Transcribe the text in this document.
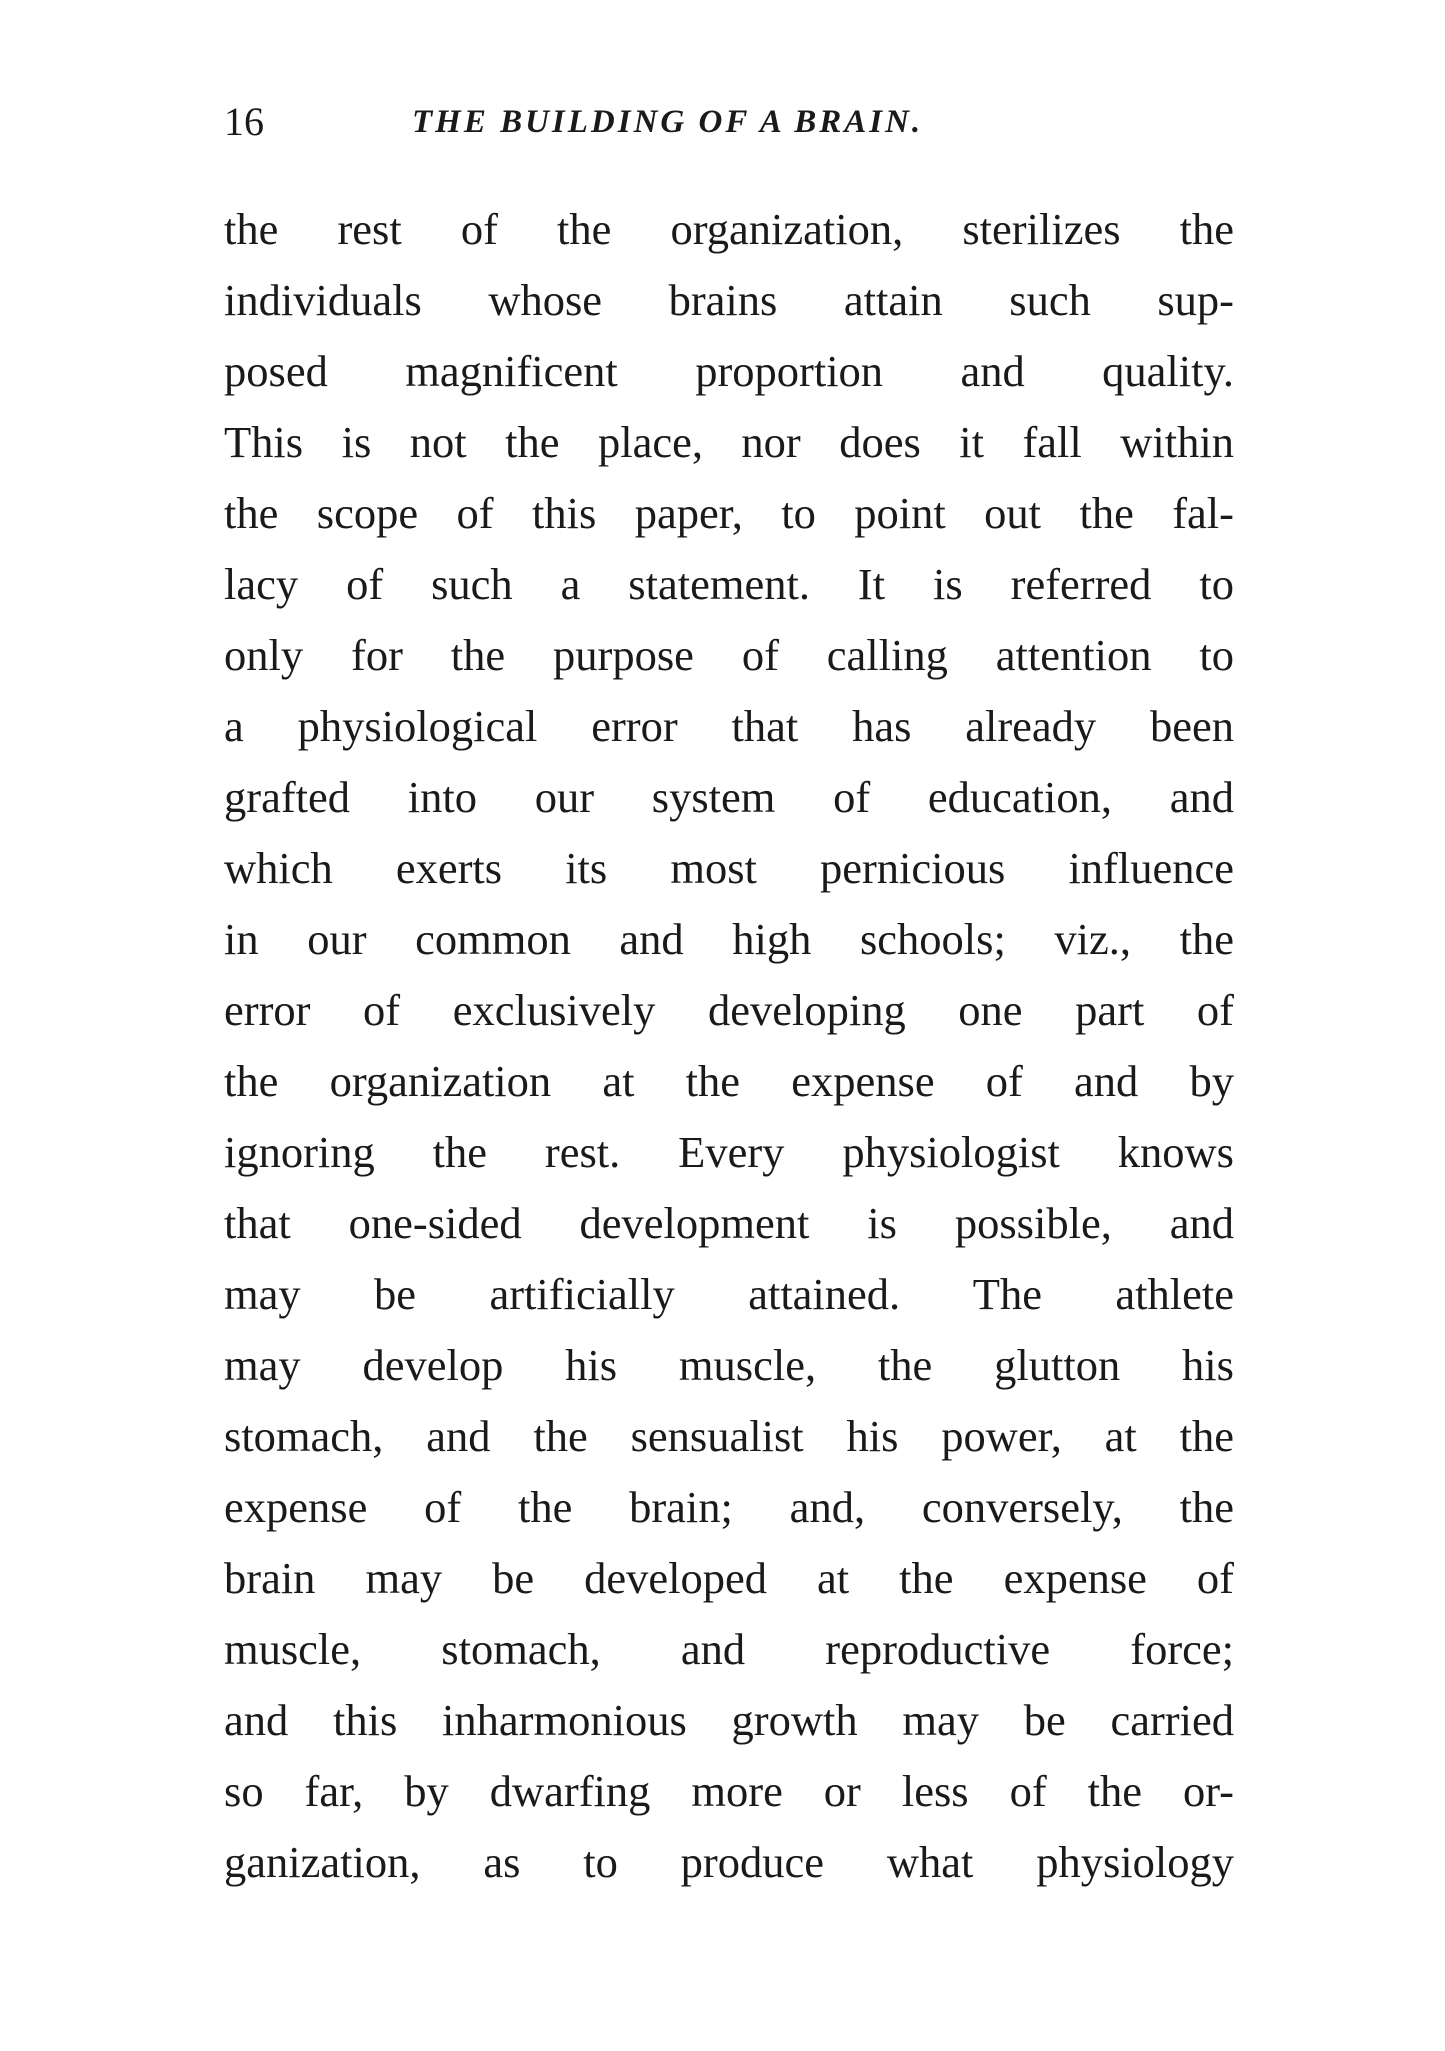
16	THE BUILDING OF A BRAIN.
the rest of the organization, sterilizes the
individuals whose brains attain such sup-
posed magnificent proportion and quality.
This is not the place, nor does it fall within
the scope of this paper, to point out the fal-
lacy of such a statement. It is referred to
only for the purpose of calling attention to
a physiological error that has already been
grafted into our system of education, and
which exerts its most pernicious influence
in our common and high schools; viz., the
error of exclusively developing one part of
the organization at the expense of and by
ignoring the rest. Every physiologist knows
that one-sided development is possible, and
may be artificially attained. The athlete
may develop his muscle, the glutton his
stomach, and the sensualist his power, at the
expense of the brain; and, conversely, the
brain may be developed at the expense of
muscle, stomach, and reproductive force;
and this inharmonious growth may be carried
so far, by dwarfing more or less of the or-
ganization, as to produce what physiology
